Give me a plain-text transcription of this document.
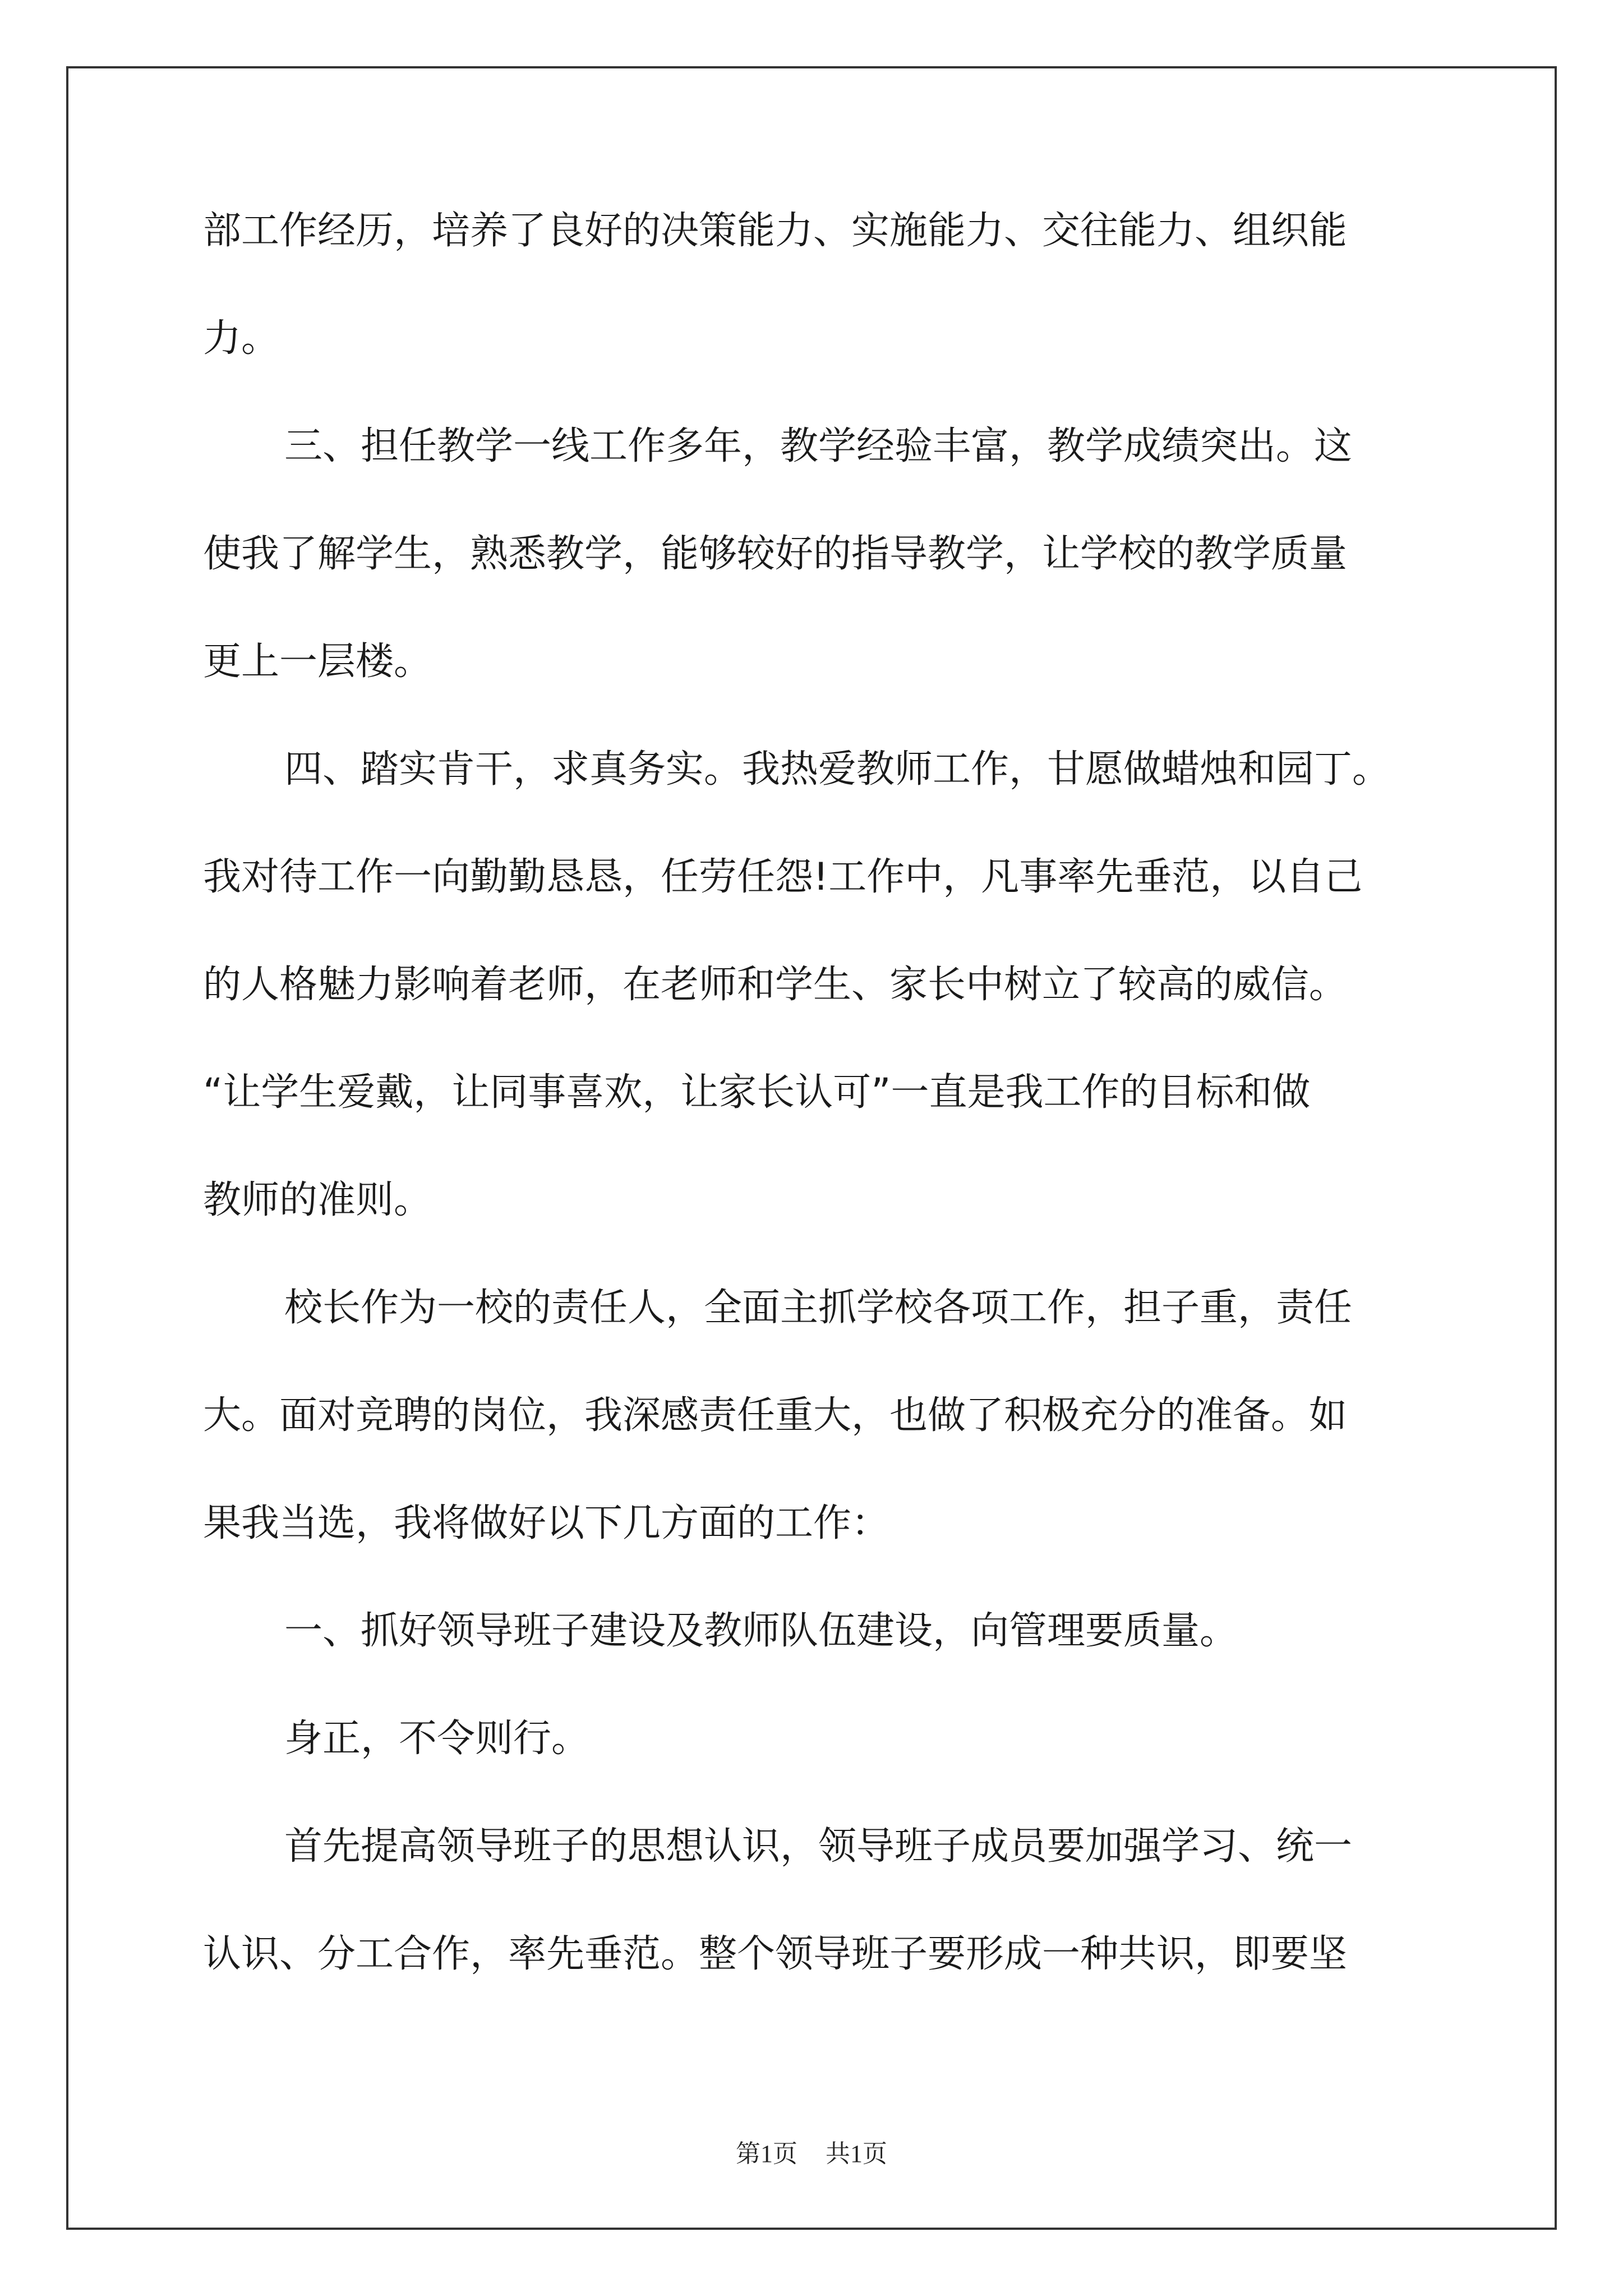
部工作经历，培养了良好的决策能力、实施能力、交往能力、组织能
力。
三、担任教学一线工作多年，教学经验丰富，教学成绩突出。这
使我了解学生，熟悉教学，能够较好的指导教学，让学校的教学质量
更上一层楼。
四、踏实肯干，求真务实。我热爱教师工作，甘愿做蜡烛和园丁。
我对待工作一向勤勤恳恳，任劳任怨!工作中，凡事率先垂范，以自己
的人格魅力影响着老师，在老师和学生、家长中树立了较高的威信。
“让学生爱戴，让同事喜欢，让家长认可”一直是我工作的目标和做
教师的准则。
校长作为一校的责任人，全面主抓学校各项工作，担子重，责任
大。面对竞聘的岗位，我深感责任重大，也做了积极充分的准备。如
果我当选，我将做好以下几方面的工作：
一、抓好领导班子建设及教师队伍建设，向管理要质量。
身正，不令则行。
首先提高领导班子的思想认识，领导班子成员要加强学习、统一
认识、分工合作，率先垂范。整个领导班子要形成一种共识，即要坚
第1页 共1页
